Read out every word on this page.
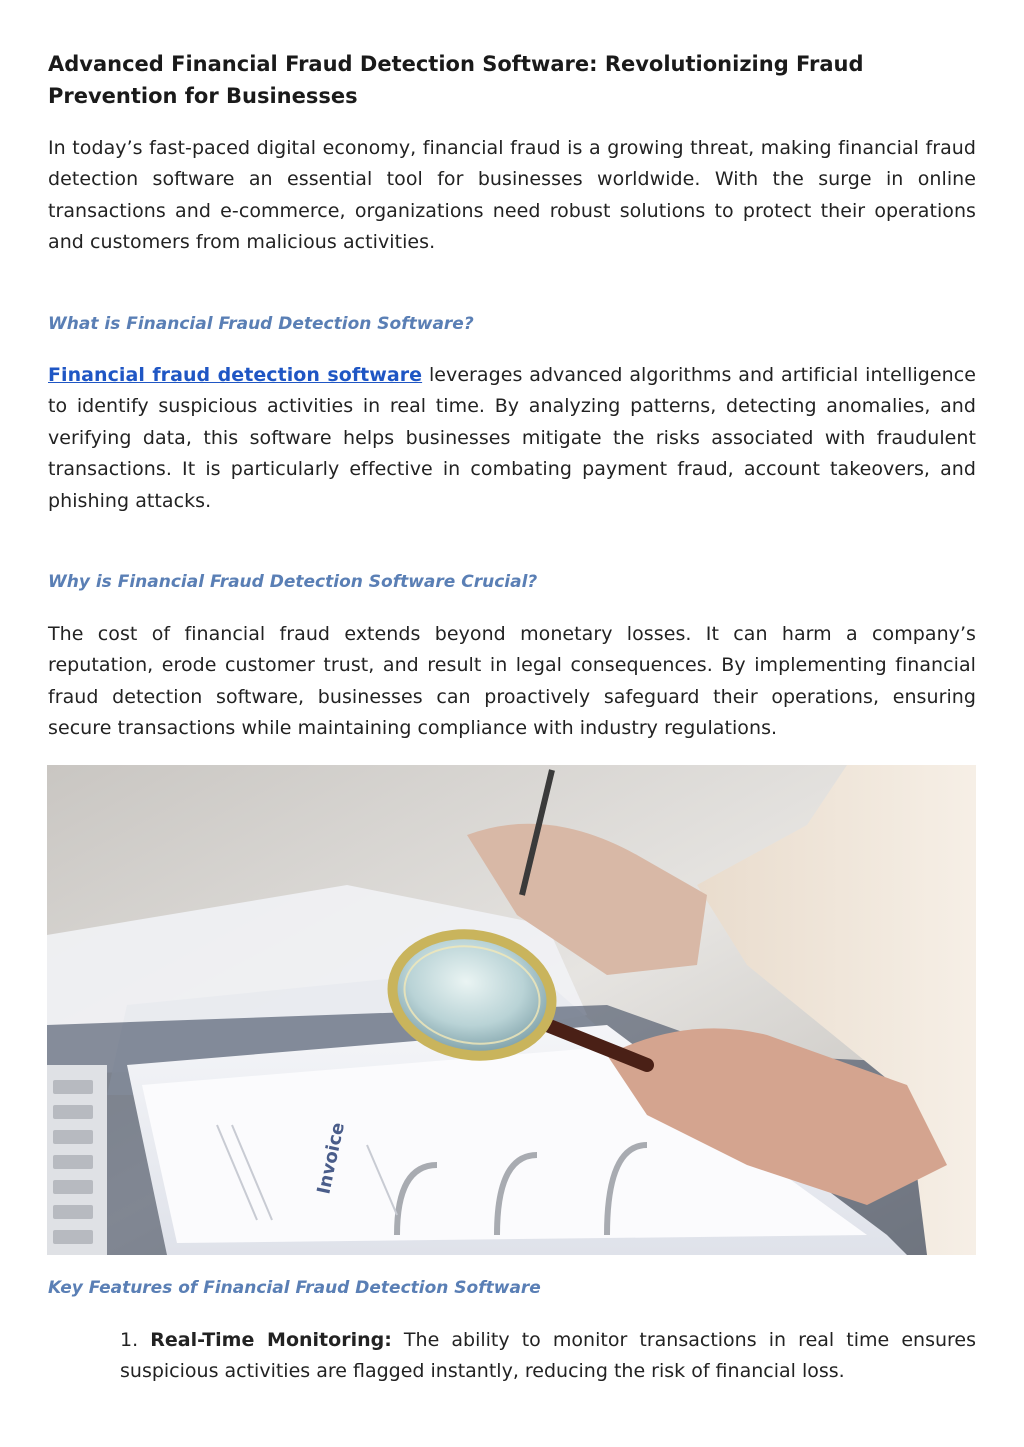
Advanced Financial Fraud Detection Software: Revolutionizing Fraud Prevention for Businesses

In today’s fast-paced digital economy, financial fraud is a growing threat, making financial fraud detection software an essential tool for businesses worldwide. With the surge in online transactions and e-commerce, organizations need robust solutions to protect their operations and customers from malicious activities.

What is Financial Fraud Detection Software?

Financial fraud detection software leverages advanced algorithms and artificial intelligence to identify suspicious activities in real time. By analyzing patterns, detecting anomalies, and verifying data, this software helps businesses mitigate the risks associated with fraudulent transactions. It is particularly effective in combating payment fraud, account takeovers, and phishing attacks.

Why is Financial Fraud Detection Software Crucial?

The cost of financial fraud extends beyond monetary losses. It can harm a company’s reputation, erode customer trust, and result in legal consequences. By implementing financial fraud detection software, businesses can proactively safeguard their operations, ensuring secure transactions while maintaining compliance with industry regulations.

Invoice
Key Features of Financial Fraud Detection Software

1. Real-Time Monitoring: The ability to monitor transactions in real time ensures suspicious activities are flagged instantly, reducing the risk of financial loss.
